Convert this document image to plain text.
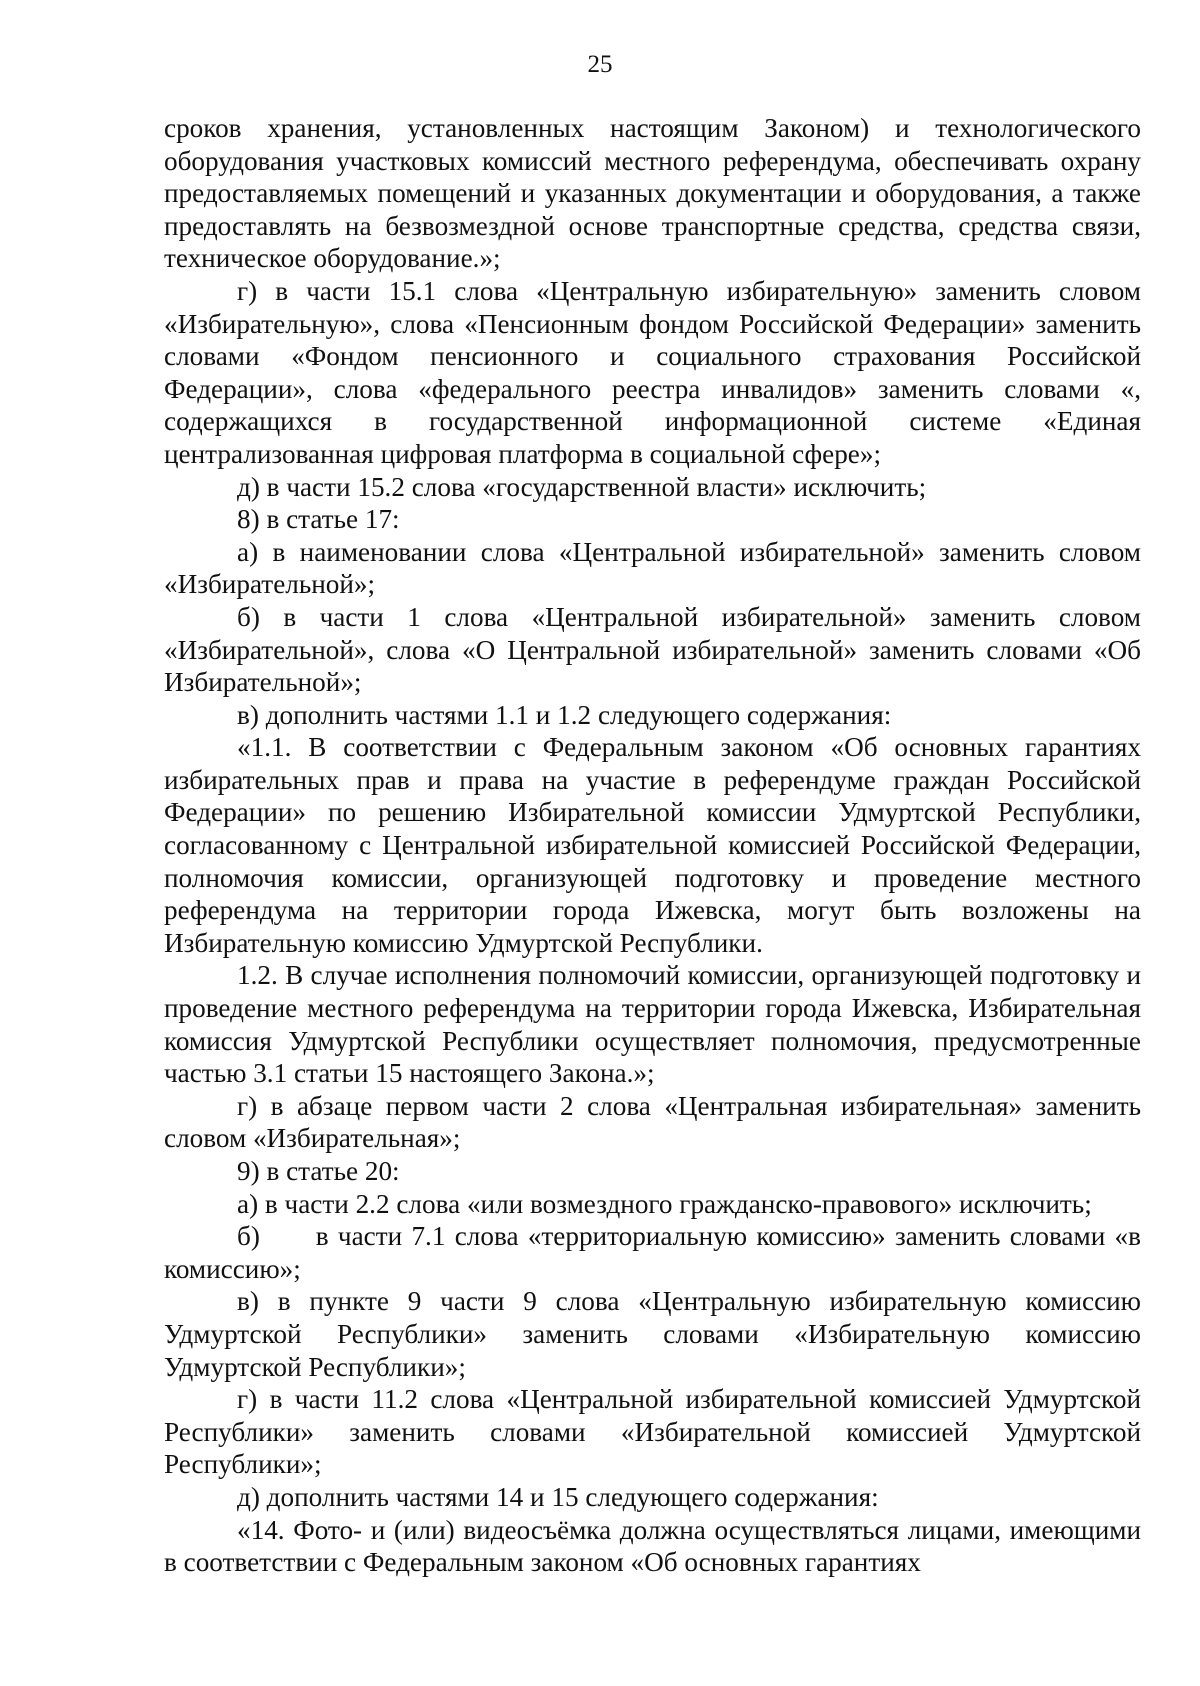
25

сроков хранения, установленных настоящим Законом) и технологического оборудования участковых комиссий местного референдума, обеспечивать охрану предоставляемых помещений и указанных документации и оборудования, а также предоставлять на безвозмездной основе транспортные средства, средства связи, техническое оборудование.»;

г) в части 15.1 слова «Центральную избирательную» заменить словом «Избирательную», слова «Пенсионным фондом Российской Федерации» заменить словами «Фондом пенсионного и социального страхования Российской Федерации», слова «федерального реестра инвалидов» заменить словами «, содержащихся в государственной информационной системе «Единая централизованная цифровая платформа в социальной сфере»;

д) в части 15.2 слова «государственной власти» исключить;

8) в статье 17:

а) в наименовании слова «Центральной избирательной» заменить словом «Избирательной»;

б) в части 1 слова «Центральной избирательной» заменить словом «Избирательной», слова «О Центральной избирательной» заменить словами «Об Избирательной»;

в) дополнить частями 1.1 и 1.2 следующего содержания:

«1.1. В соответствии с Федеральным законом «Об основных гарантиях избирательных прав и права на участие в референдуме граждан Российской Федерации» по решению Избирательной комиссии Удмуртской Республики, согласованному с Центральной избирательной комиссией Российской Федерации, полномочия комиссии, организующей подготовку и проведение местного референдума на территории города Ижевска, могут быть возложены на Избирательную комиссию Удмуртской Республики.

1.2. В случае исполнения полномочий комиссии, организующей подготовку и проведение местного референдума на территории города Ижевска, Избирательная комиссия Удмуртской Республики осуществляет полномочия, предусмотренные частью 3.1 статьи 15 настоящего Закона.»;

г) в абзаце первом части 2 слова «Центральная избирательная» заменить словом «Избирательная»;

9) в статье 20:

а) в части 2.2 слова «или возмездного гражданско-правового» исключить;

б)      в части 7.1 слова «территориальную комиссию» заменить словами «в комиссию»;

в) в пункте 9 части 9 слова «Центральную избирательную комиссию Удмуртской Республики» заменить словами «Избирательную комиссию Удмуртской Республики»;

г) в части 11.2 слова «Центральной избирательной комиссией Удмуртской Республики» заменить словами «Избирательной комиссией Удмуртской Республики»;

д) дополнить частями 14 и 15 следующего содержания:

«14. Фото- и (или) видеосъёмка должна осуществляться лицами, имеющими в соответствии с Федеральным законом «Об основных гарантиях
